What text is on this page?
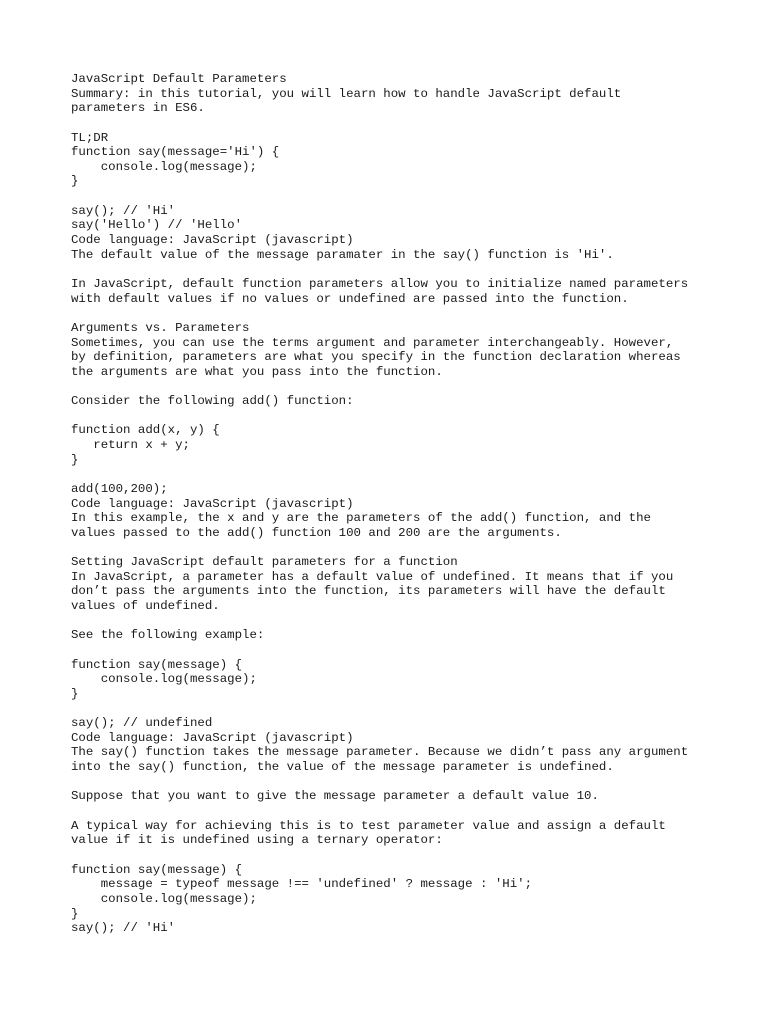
JavaScript Default Parameters
Summary: in this tutorial, you will learn how to handle JavaScript default
parameters in ES6.
TL;DR
function say(message='Hi') {
console.log(message);
}
say(); // 'Hi'
say('Hello') // 'Hello'
Code language: JavaScript (javascript)
The default value of the message paramater in the say() function is 'Hi'.
In JavaScript, default function parameters allow you to initialize named parameters
with default values if no values or undefined are passed into the function.
Arguments vs. Parameters
Sometimes, you can use the terms argument and parameter interchangeably. However,
by definition, parameters are what you specify in the function declaration whereas
the arguments are what you pass into the function.
Consider the following add() function:
function add(x, y) {
return x + y;
}
add(100,200);
Code language: JavaScript (javascript)
In this example, the x and y are the parameters of the add() function, and the
values passed to the add() function 100 and 200 are the arguments.
Setting JavaScript default parameters for a function
In JavaScript, a parameter has a default value of undefined. It means that if you
don’t pass the arguments into the function, its parameters will have the default
values of undefined.
See the following example:
function say(message) {
console.log(message);
}
say(); // undefined
Code language: JavaScript (javascript)
The say() function takes the message parameter. Because we didn’t pass any argument
into the say() function, the value of the message parameter is undefined.
Suppose that you want to give the message parameter a default value 10.
A typical way for achieving this is to test parameter value and assign a default
value if it is undefined using a ternary operator:
function say(message) {
message = typeof message !== 'undefined' ? message : 'Hi';
console.log(message);
}
say(); // 'Hi'
